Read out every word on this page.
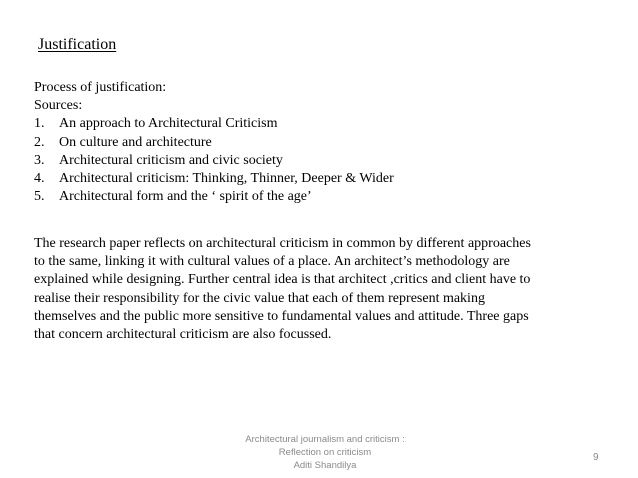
Justification
Process of justification:
Sources:
1.	An approach to Architectural Criticism
2.	On culture and architecture
3.	Architectural criticism and civic society
4.	Architectural criticism: Thinking, Thinner, Deeper & Wider
5.	Architectural form and the ‘ spirit of the age’
The research paper reflects on architectural criticism in common by different approaches
to the same, linking it with cultural values of a place. An architect’s methodology are
explained while designing. Further central idea is that architect ,critics and client have to
realise their responsibility for the civic value that each of them represent making
themselves and the public more sensitive to fundamental values and attitude. Three gaps
that concern architectural criticism are also focussed.
Architectural journalism and criticism :
Reflection on criticism
Aditi Shandilya
9
